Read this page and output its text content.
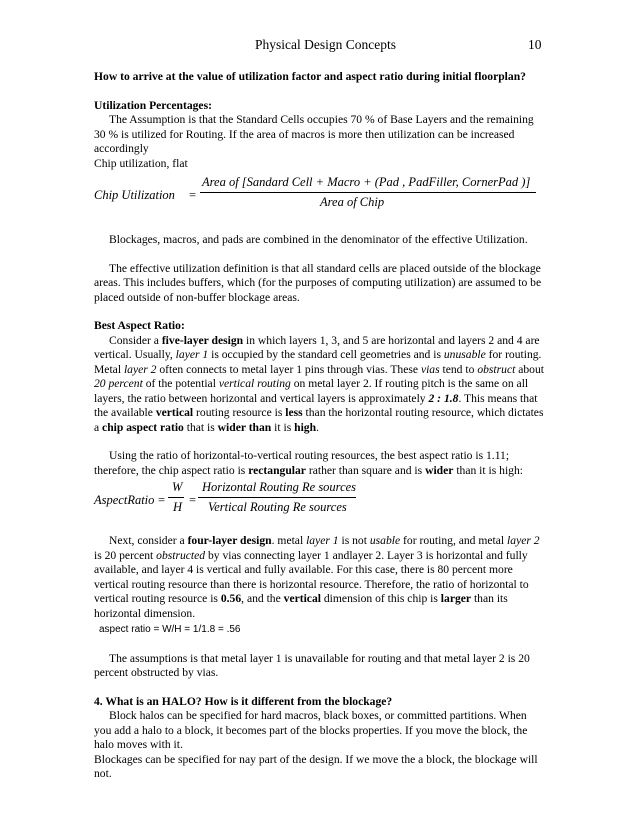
Physical Design Concepts	10

How to arrive at the value of utilization factor and aspect ratio during initial floorplan?

Utilization Percentages:

The Assumption is that the Standard Cells occupies 70 % of Base Layers and the remaining 30 % is utilized for Routing. If the area of macros is more then utilization can be increased accordingly

Chip utilization, flat

Chip Utilization =
Area of [Sandard Cell + Macro + (Pad , PadFiller, CornerPad )]
Area of Chip

Blockages, macros, and pads are combined in the denominator of the effective Utilization.

The effective utilization definition is that all standard cells are placed outside of the blockage areas. This includes buffers, which (for the purposes of computing utilization) are assumed to be placed outside of non-buffer blockage areas.

Best Aspect Ratio:

Consider a five-layer design in which layers 1, 3, and 5 are horizontal and layers 2 and 4 are vertical. Usually, layer 1 is occupied by the standard cell geometries and is unusable for routing. Metal layer 2 often connects to metal layer 1 pins through vias. These vias tend to obstruct about 20 percent of the potential vertical routing on metal layer 2. If routing pitch is the same on all layers, the ratio between horizontal and vertical layers is approximately 2 : 1.8. This means that the available vertical routing resource is less than the horizontal routing resource, which dictates a chip aspect ratio that is wider than it is high.

Using the ratio of horizontal-to-vertical routing resources, the best aspect ratio is 1.11; therefore, the chip aspect ratio is rectangular rather than square and is wider than it is high:

AspectRatio =
W
H =
Horizontal Routing Re sources
Vertical Routing Re sources

Next, consider a four-layer design. metal layer 1 is not usable for routing, and metal layer 2 is 20 percent obstructed by vias connecting layer 1 andlayer 2. Layer 3 is horizontal and fully available, and layer 4 is vertical and fully available. For this case, there is 80 percent more vertical routing resource than there is horizontal resource. Therefore, the ratio of horizontal to vertical routing resource is 0.56, and the vertical dimension of this chip is larger than its horizontal dimension.

aspect ratio = W/H = 1/1.8 = .56

The assumptions is that metal layer 1 is unavailable for routing and that metal layer 2 is 20 percent obstructed by vias.

4. What is an HALO? How is it different from the blockage?

Block halos can be specified for hard macros, black boxes, or committed partitions. When you add a halo to a block, it becomes part of the blocks properties. If you move the block, the halo moves with it.

Blockages can be specified for nay part of the design. If we move the a block, the blockage will not.
